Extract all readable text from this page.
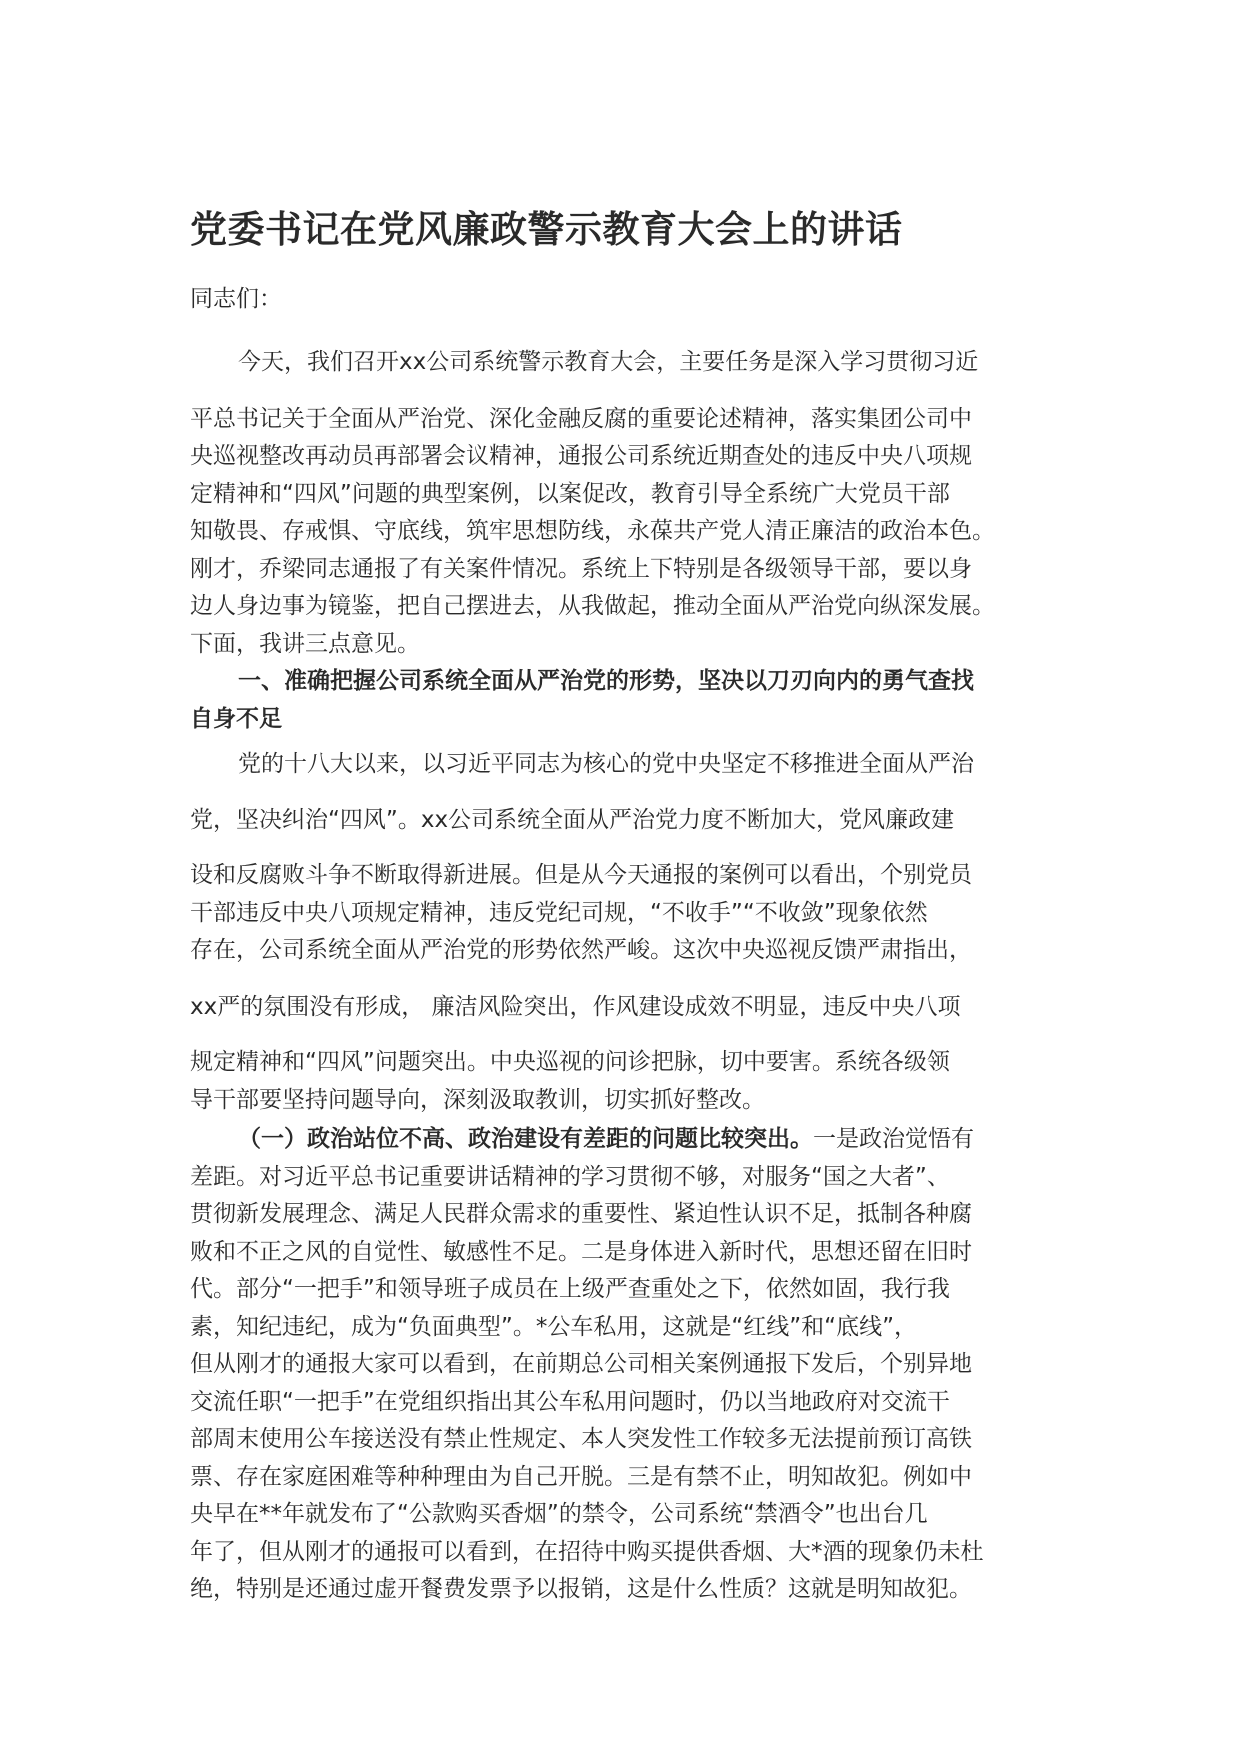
党委书记在党风廉政警示教育大会上的讲话
同志们：
今天，我们召开xx公司系统警示教育大会，主要任务是深入学习贯彻习近
平总书记关于全面从严治党、深化金融反腐的重要论述精神，落实集团公司中
央巡视整改再动员再部署会议精神，通报公司系统近期查处的违反中央八项规
定精神和“四风”问题的典型案例，以案促改，教育引导全系统广大党员干部
知敬畏、存戒惧、守底线，筑牢思想防线，永葆共产党人清正廉洁的政治本色。
刚才，乔梁同志通报了有关案件情况。系统上下特别是各级领导干部，要以身
边人身边事为镜鉴，把自己摆进去，从我做起，推动全面从严治党向纵深发展。
下面，我讲三点意见。
一、准确把握公司系统全面从严治党的形势，坚决以刀刃向内的勇气查找
自身不足
党的十八大以来，以习近平同志为核心的党中央坚定不移推进全面从严治
党，坚决纠治“四风”。xx公司系统全面从严治党力度不断加大，党风廉政建
设和反腐败斗争不断取得新进展。但是从今天通报的案例可以看出，个别党员
干部违反中央八项规定精神，违反党纪司规，“不收手”“不收敛”现象依然
存在，公司系统全面从严治党的形势依然严峻。这次中央巡视反馈严肃指出，
xx严的氛围没有形成， 廉洁风险突出，作风建设成效不明显，违反中央八项
规定精神和“四风”问题突出。中央巡视的问诊把脉，切中要害。系统各级领
导干部要坚持问题导向，深刻汲取教训，切实抓好整改。
（一）政治站位不高、政治建设有差距的问题比较突出。一是政治觉悟有
差距。对习近平总书记重要讲话精神的学习贯彻不够，对服务“国之大者”、
贯彻新发展理念、满足人民群众需求的重要性、紧迫性认识不足，抵制各种腐
败和不正之风的自觉性、敏感性不足。二是身体进入新时代，思想还留在旧时
代。部分“一把手”和领导班子成员在上级严查重处之下，依然如固，我行我
素，知纪违纪，成为“负面典型”。*公车私用，这就是“红线”和“底线”，
但从刚才的通报大家可以看到，在前期总公司相关案例通报下发后，个别异地
交流任职“一把手”在党组织指出其公车私用问题时，仍以当地政府对交流干
部周末使用公车接送没有禁止性规定、本人突发性工作较多无法提前预订高铁
票、存在家庭困难等种种理由为自己开脱。三是有禁不止，明知故犯。例如中
央早在**年就发布了“公款购买香烟”的禁令，公司系统“禁酒令”也出台几
年了，但从刚才的通报可以看到，在招待中购买提供香烟、大*酒的现象仍未杜
绝，特别是还通过虚开餐费发票予以报销，这是什么性质？这就是明知故犯。
